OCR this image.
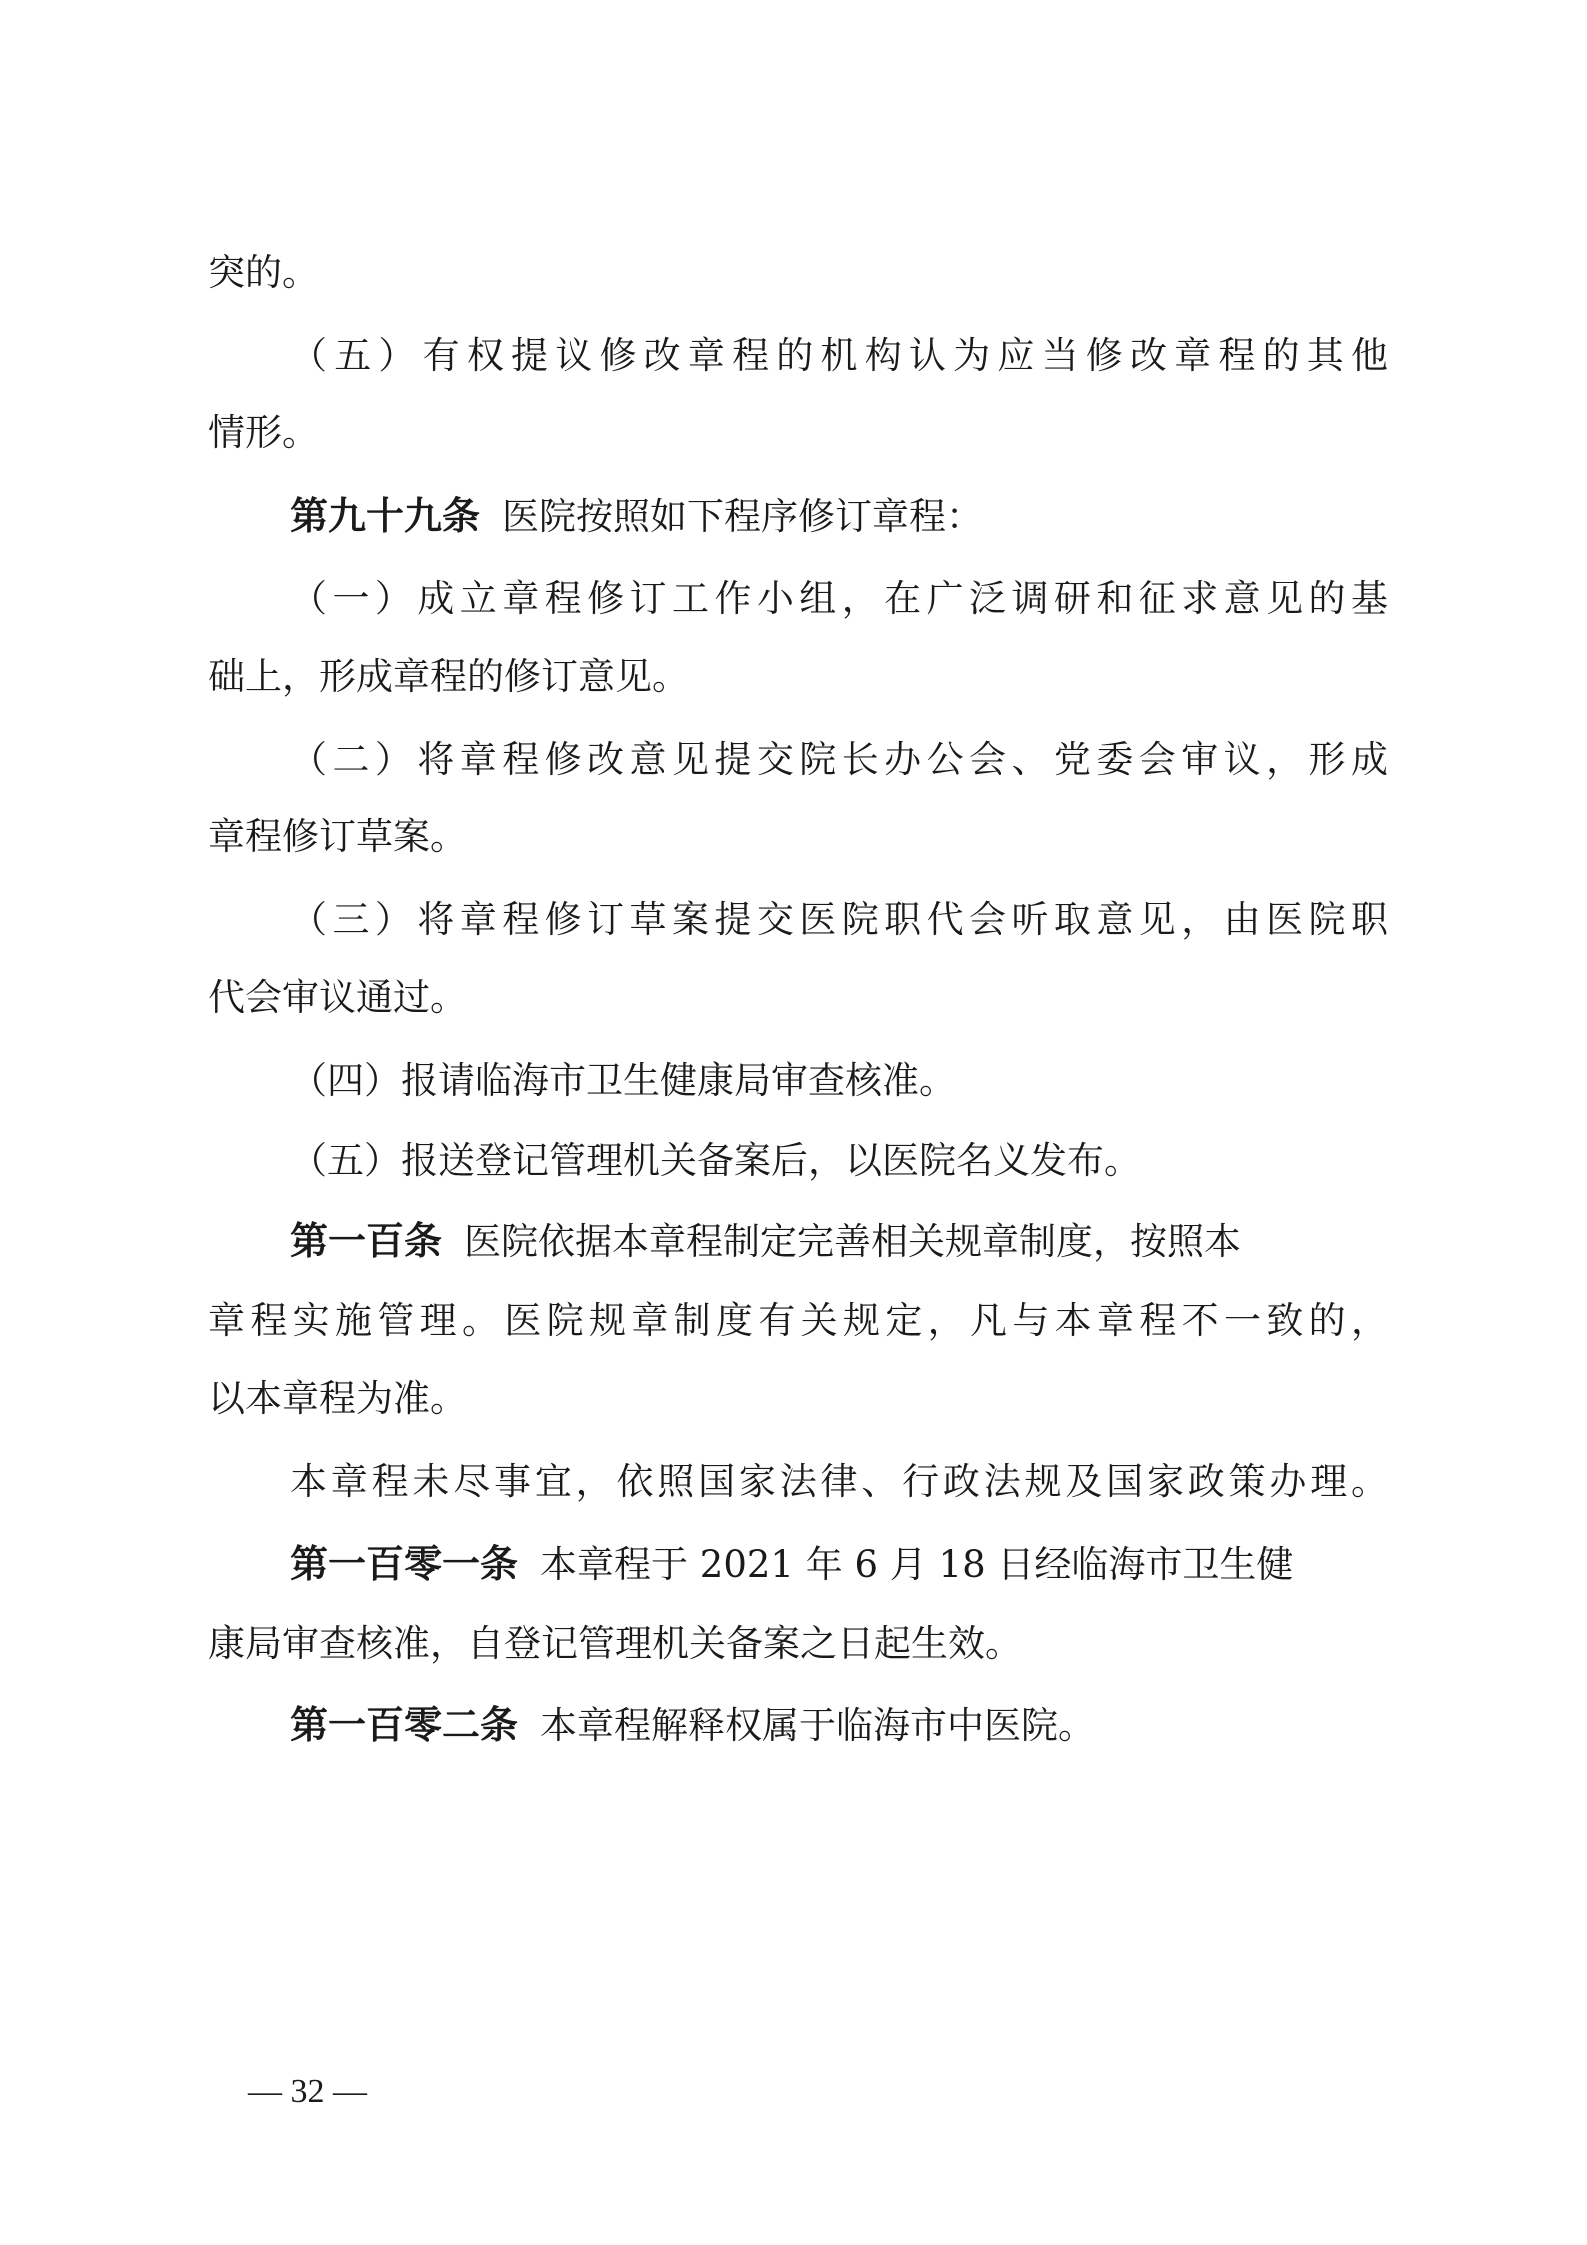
突的。
（五）有权提议修改章程的机构认为应当修改章程的其他
情形。
第九十九条 医院按照如下程序修订章程：
（一）成立章程修订工作小组，在广泛调研和征求意见的基
础上，形成章程的修订意见。
（二）将章程修改意见提交院长办公会、党委会审议，形成
章程修订草案。
（三）将章程修订草案提交医院职代会听取意见，由医院职
代会审议通过。
（四）报请临海市卫生健康局审查核准。
（五）报送登记管理机关备案后，以医院名义发布。
第一百条 医院依据本章程制定完善相关规章制度，按照本
章程实施管理。医院规章制度有关规定，凡与本章程不一致的，
以本章程为准。
本章程未尽事宜，依照国家法律、行政法规及国家政策办理。
第一百零一条 本章程于 2021 年 6 月 18 日经临海市卫生健
康局审查核准，自登记管理机关备案之日起生效。
第一百零二条 本章程解释权属于临海市中医院。
— 32 —
